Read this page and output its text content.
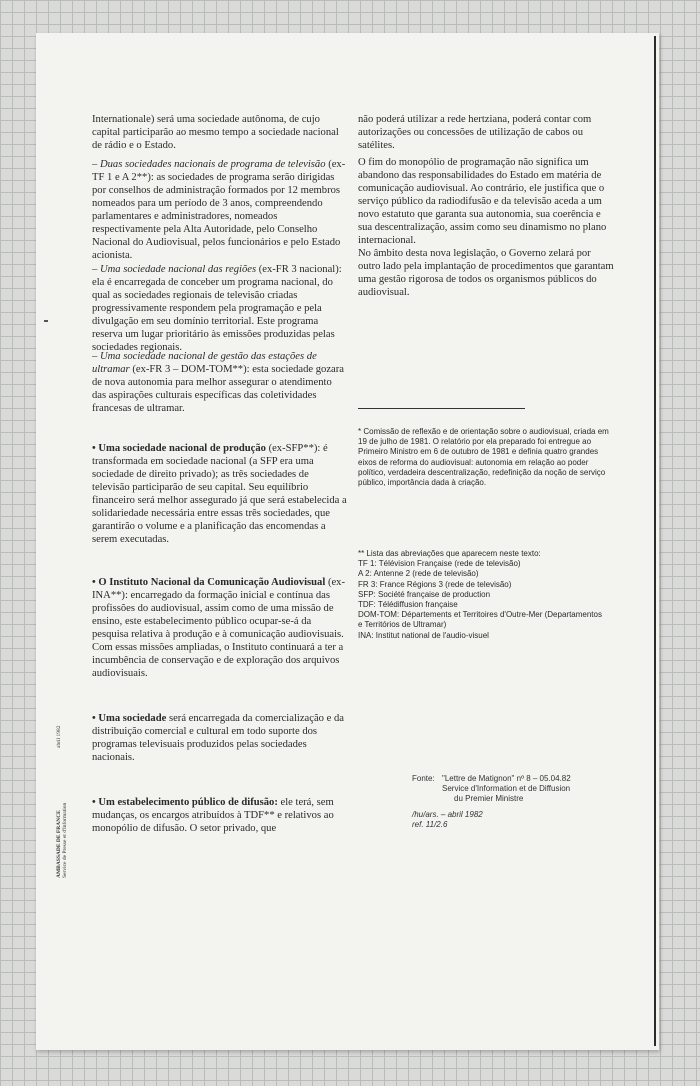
Internationale) será uma sociedade autônoma, de cujo capital participarão ao mesmo tempo a sociedade nacional de rádio e o Estado.

– Duas sociedades nacionais de programa de televisão (ex-TF 1 e A 2**): as sociedades de programa serão dirigidas por conselhos de administração formados por 12 membros nomeados para um período de 3 anos, compreendendo parlamentares e administradores, nomeados respectivamente pela Alta Autoridade, pelo Conselho Nacional do Audiovisual, pelos funcionários e pelo Estado acionista.

– Uma sociedade nacional das regiões (ex-FR 3 nacional): ela é encarregada de conceber um programa nacional, do qual as sociedades regionais de televisão criadas progressivamente respondem pela programação e pela divulgação em seu domínio territorial. Este programa reserva um lugar prioritário às emissões produzidas pelas sociedades regionais.

– Uma sociedade nacional de gestão das estações de ultramar (ex-FR 3 – DOM-TOM**): esta sociedade gozara de nova autonomia para melhor assegurar o atendimento das aspirações culturais específicas das coletividades francesas de ultramar.

• Uma sociedade nacional de produção (ex-SFP**): é transformada em sociedade nacional (a SFP era uma sociedade de direito privado); as três sociedades de televisão participarão de seu capital. Seu equilíbrio financeiro será melhor assegurado já que será estabelecida a solidariedade necessária entre essas três sociedades, que garantirão o volume e a planificação das encomendas a serem executadas.

• O Instituto Nacional da Comunicação Audiovisual (ex-INA**): encarregado da formação inicial e contínua das profissões do audiovisual, assim como de uma missão de ensino, este estabelecimento público ocupar-se-á da pesquisa relativa à produção e à comunicação audiovisuais. Com essas missões ampliadas, o Instituto continuará a ter a incumbência de conservação e de exploração dos arquivos audiovisuais.

• Uma sociedade será encarregada da comercialização e da distribuição comercial e cultural em todo suporte dos programas televisuais produzidos pelas sociedades nacionais.

• Um estabelecimento público de difusão: ele terá, sem mudanças, os encargos atribuídos à TDF** e relativos ao monopólio de difusão. O setor privado, que

não poderá utilizar a rede hertziana, poderá contar com autorizações ou concessões de utilização de cabos ou satélites.

O fim do monopólio de programação não significa um abandono das responsabilidades do Estado em matéria de comunicação audiovisual. Ao contrário, ele justifica que o serviço público da radiodifusão e da televisão aceda a um novo estatuto que garanta sua autonomia, sua coerência e sua descentralização, assim como seu dinamismo no plano internacional.

No âmbito desta nova legislação, o Governo zelará por outro lado pela implantação de procedimentos que garantam uma gestão rigorosa de todos os organismos públicos do audiovisual.

* Comissão de reflexão e de orientação sobre o audiovisual, criada em 19 de julho de 1981. O relatório por ela preparado foi entregue ao Primeiro Ministro em 6 de outubro de 1981 e definia quatro grandes eixos de reforma do audiovisual: autonomia em relação ao poder político, verdadeira descentralização, redefinição da noção de serviço público, importância dada à criação.

** Lista das abreviações que aparecem neste texto:
TF 1: Télévision Française (rede de televisão)
A 2: Antenne 2 (rede de televisão)
FR 3: France Régions 3 (rede de televisão)
SFP: Société française de production
TDF: Télédiffusion française
DOM-TOM: Départements et Territoires d'Outre-Mer (Departamentos e Territórios de Ultramar)
INA: Institut national de l'audio-visuel
Fonte: "Lettre de Matignon" nº 8 – 05.04.82
Service d'Information et de Diffusion
du Premier Ministre
/hu/ars. – abril 1982
ref. 11/2.6
AMBASSADE DE FRANCE Service de Presse et d'Information
abril 1982
